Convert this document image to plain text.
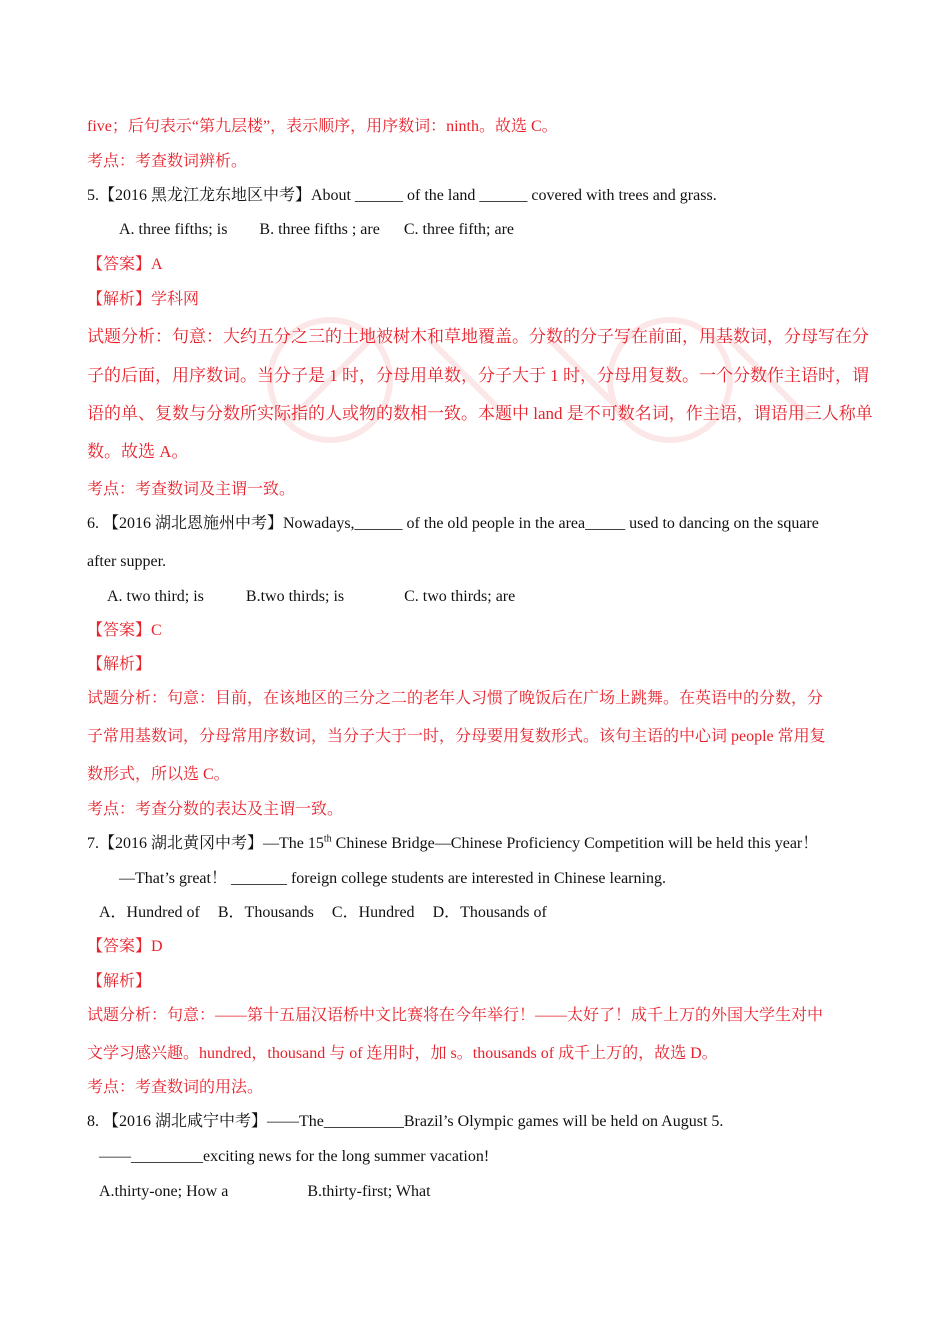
five；后句表示“第九层楼”，表示顺序，用序数词：ninth。故选 C。
考点：考查数词辨析。
5.【2016 黑龙江龙东地区中考】About ______ of the land ______ covered with trees and grass.
A. three fifths; is B. three fifths ; are C. three fifth; are
【答案】A
【解析】学科网
试题分析：句意：大约五分之三的土地被树木和草地覆盖。分数的分子写在前面，用基数词，分母写在分
子的后面，用序数词。当分子是 1 时，分母用单数，分子大于 1 时，分母用复数。一个分数作主语时，谓
语的单、复数与分数所实际指的人或物的数相一致。本题中 land 是不可数名词，作主语，谓语用三人称单
数。故选 A。
考点：考查数词及主谓一致。
6. 【2016 湖北恩施州中考】Nowadays,______ of the old people in the area_____ used to dancing on the square
after supper.
A. two third; is	B.two thirds; is	C. two thirds; are
【答案】C
【解析】
试题分析：句意：目前，在该地区的三分之二的老年人习惯了晚饭后在广场上跳舞。在英语中的分数，分
子常用基数词，分母常用序数词，当分子大于一时，分母要用复数形式。该句主语的中心词 people 常用复
数形式，所以选 C。
考点：考查分数的表达及主谓一致。
7.【2016 湖北黄冈中考】—The 15th Chinese Bridge—Chinese Proficiency Competition will be held this year！
—That’s great！ _______ foreign college students are interested in Chinese learning.
A．Hundred of B．Thousands C．Hundred D．Thousands of
【答案】D
【解析】
试题分析：句意：——第十五届汉语桥中文比赛将在今年举行！——太好了！成千上万的外国大学生对中
文学习感兴趣。hundred，thousand 与 of 连用时，加 s。thousands of 成千上万的，故选 D。
考点：考查数词的用法。
8. 【2016 湖北咸宁中考】——The__________Brazil’s Olympic games will be held on August 5.
——_________exciting news for the long summer vacation!
A.thirty-one; How a	B.thirty-first; What
